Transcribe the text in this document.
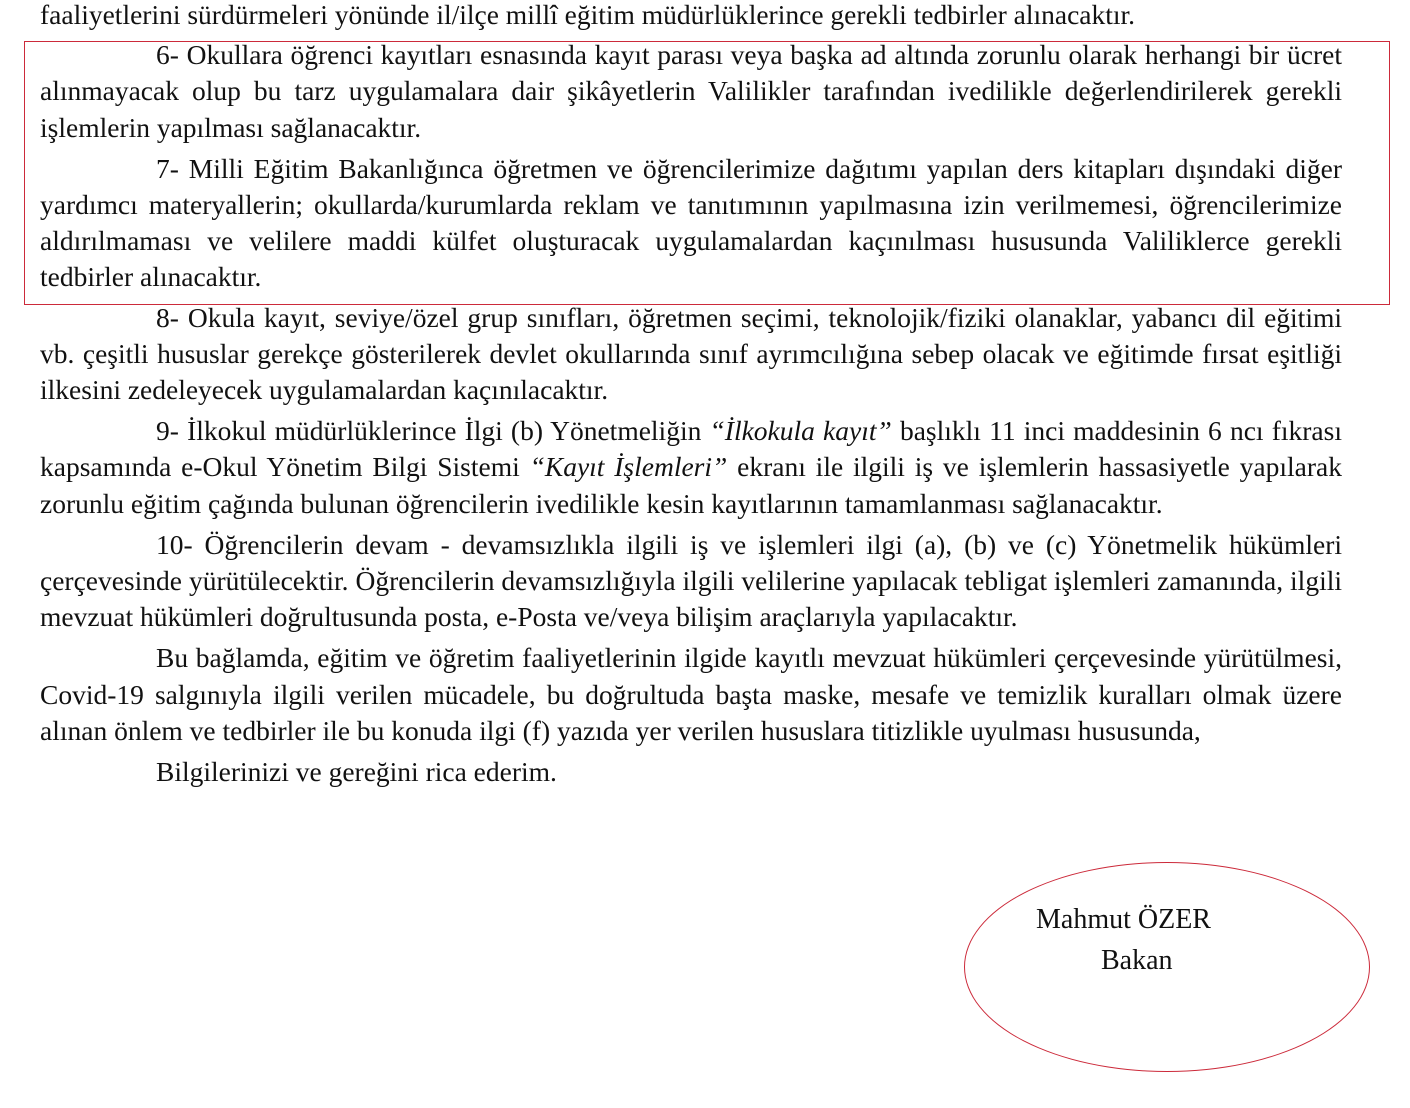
faaliyetlerini sürdürmeleri yönünde il/ilçe millî eğitim müdürlüklerince gerekli tedbirler alınacaktır.

6- Okullara öğrenci kayıtları esnasında kayıt parası veya başka ad altında zorunlu olarak herhangi bir ücret alınmayacak olup bu tarz uygulamalara dair şikâyetlerin Valilikler tarafından ivedilikle değerlendirilerek gerekli işlemlerin yapılması sağlanacaktır.

7- Milli Eğitim Bakanlığınca öğretmen ve öğrencilerimize dağıtımı yapılan ders kitapları dışındaki diğer yardımcı materyallerin; okullarda/kurumlarda reklam ve tanıtımının yapılmasına izin verilmemesi, öğrencilerimize aldırılmaması ve velilere maddi külfet oluşturacak uygulamalardan kaçınılması hususunda Valiliklerce gerekli tedbirler alınacaktır.

8- Okula kayıt, seviye/özel grup sınıfları, öğretmen seçimi, teknolojik/fiziki olanaklar, yabancı dil eğitimi vb. çeşitli hususlar gerekçe gösterilerek devlet okullarında sınıf ayrımcılığına sebep olacak ve eğitimde fırsat eşitliği ilkesini zedeleyecek uygulamalardan kaçınılacaktır.

9- İlkokul müdürlüklerince İlgi (b) Yönetmeliğin “İlkokula kayıt” başlıklı 11 inci maddesinin 6 ncı fıkrası kapsamında e-Okul Yönetim Bilgi Sistemi “Kayıt İşlemleri” ekranı ile ilgili iş ve işlemlerin hassasiyetle yapılarak zorunlu eğitim çağında bulunan öğrencilerin ivedilikle kesin kayıtlarının tamamlanması sağlanacaktır.

10- Öğrencilerin devam - devamsızlıkla ilgili iş ve işlemleri ilgi (a), (b) ve (c) Yönetmelik hükümleri çerçevesinde yürütülecektir. Öğrencilerin devamsızlığıyla ilgili velilerine yapılacak tebligat işlemleri zamanında, ilgili mevzuat hükümleri doğrultusunda posta, e-Posta ve/veya bilişim araçlarıyla yapılacaktır.

Bu bağlamda, eğitim ve öğretim faaliyetlerinin ilgide kayıtlı mevzuat hükümleri çerçevesinde yürütülmesi, Covid-19 salgınıyla ilgili verilen mücadele, bu doğrultuda başta maske, mesafe ve temizlik kuralları olmak üzere alınan önlem ve tedbirler ile bu konuda ilgi (f) yazıda yer verilen hususlara titizlikle uyulması hususunda,

Bilgilerinizi ve gereğini rica ederim.

Mahmut ÖZER
Bakan
